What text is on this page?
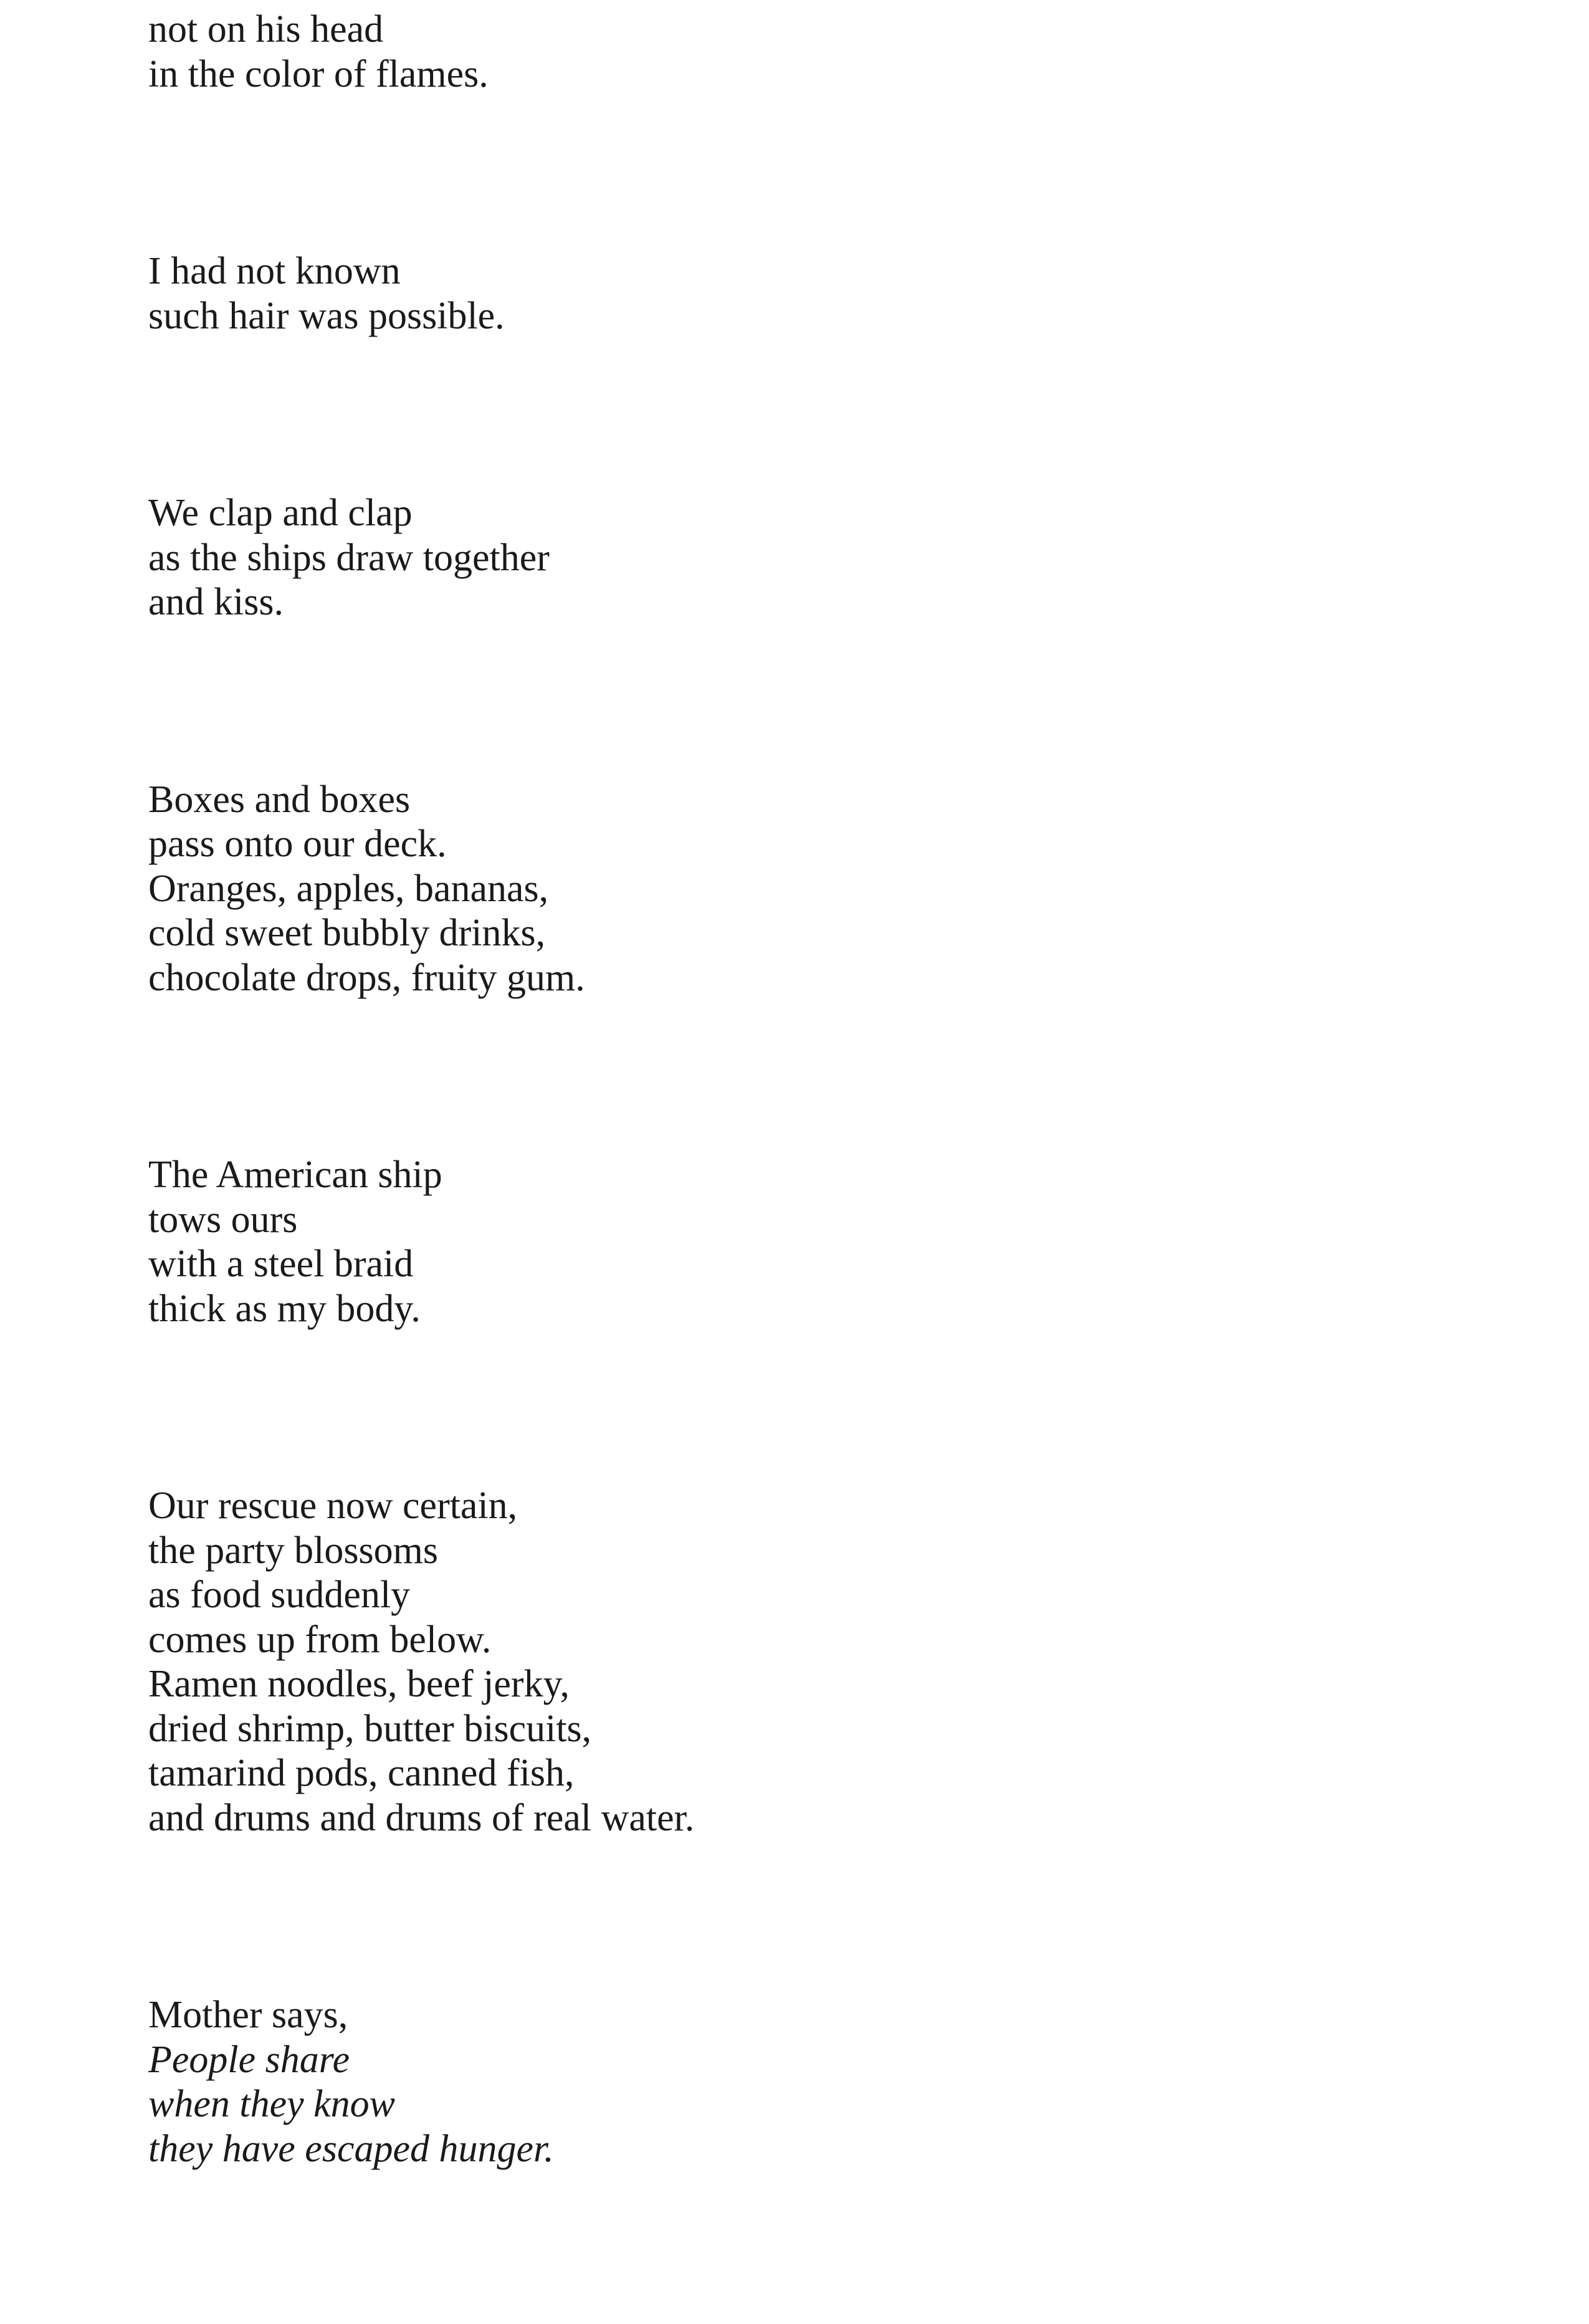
not on his head
in the color of flames.
I had not known
such hair was possible.
We clap and clap
as the ships draw together
and kiss.
Boxes and boxes
pass onto our deck.
Oranges, apples, bananas,
cold sweet bubbly drinks,
chocolate drops, fruity gum.
The American ship
tows ours
with a steel braid
thick as my body.
Our rescue now certain,
the party blossoms
as food suddenly
comes up from below.
Ramen noodles, beef jerky,
dried shrimp, butter biscuits,
tamarind pods, canned fish,
and drums and drums of real water.
Mother says,
People share
when they know
they have escaped hunger.
